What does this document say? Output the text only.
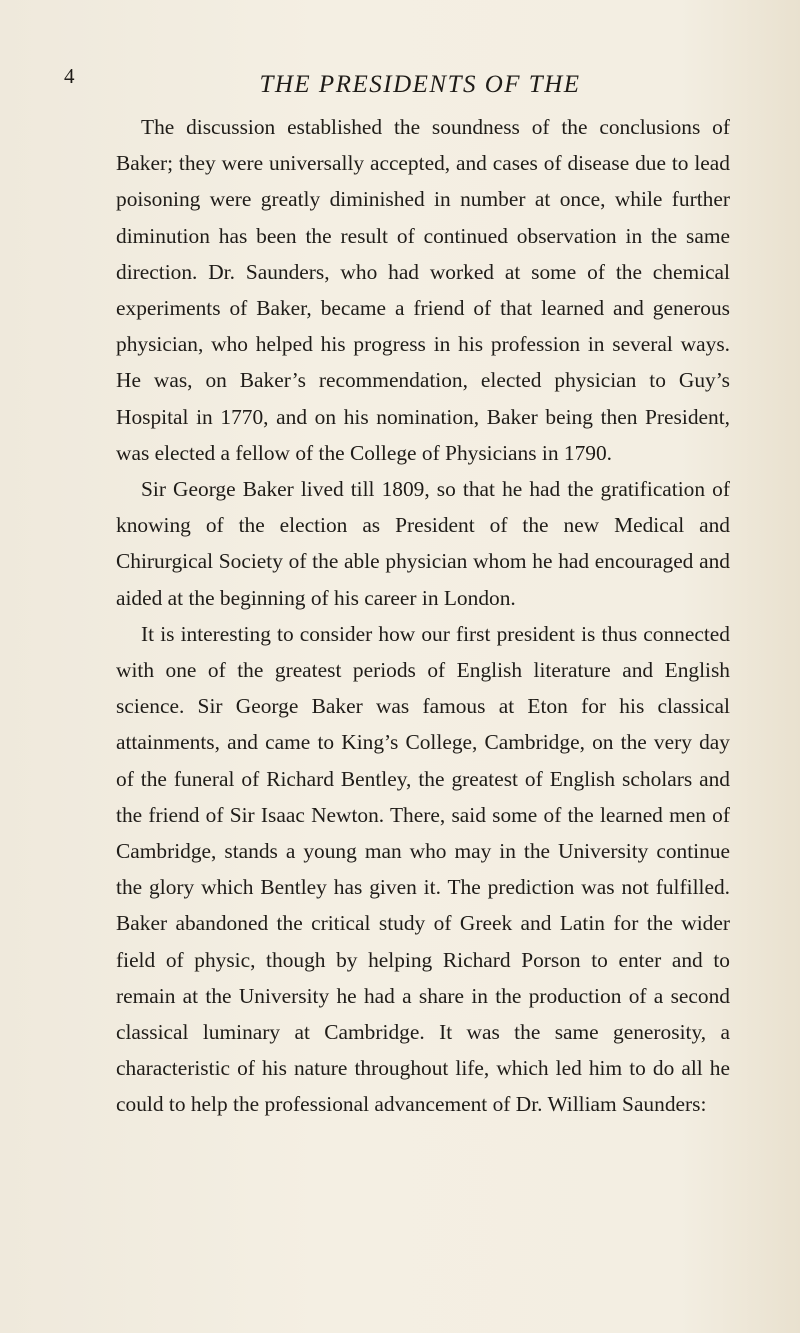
4	THE PRESIDENTS OF THE

The discussion established the soundness of the conclusions of Baker; they were universally accepted, and cases of disease due to lead poisoning were greatly diminished in number at once, while further diminution has been the result of continued observation in the same direction. Dr. Saunders, who had worked at some of the chemical experiments of Baker, became a friend of that learned and generous physician, who helped his progress in his profession in several ways. He was, on Baker’s recommendation, elected physician to Guy’s Hospital in 1770, and on his nomination, Baker being then President, was elected a fellow of the College of Physicians in 1790.

Sir George Baker lived till 1809, so that he had the gratification of knowing of the election as President of the new Medical and Chirurgical Society of the able physician whom he had encouraged and aided at the beginning of his career in London.

It is interesting to consider how our first president is thus connected with one of the greatest periods of English literature and English science. Sir George Baker was famous at Eton for his classical attainments, and came to King’s College, Cambridge, on the very day of the funeral of Richard Bentley, the greatest of English scholars and the friend of Sir Isaac Newton. There, said some of the learned men of Cambridge, stands a young man who may in the University continue the glory which Bentley has given it. The prediction was not fulfilled. Baker abandoned the critical study of Greek and Latin for the wider field of physic, though by helping Richard Porson to enter and to remain at the University he had a share in the production of a second classical luminary at Cambridge. It was the same generosity, a characteristic of his nature throughout life, which led him to do all he could to help the professional advancement of Dr. William Saunders:
